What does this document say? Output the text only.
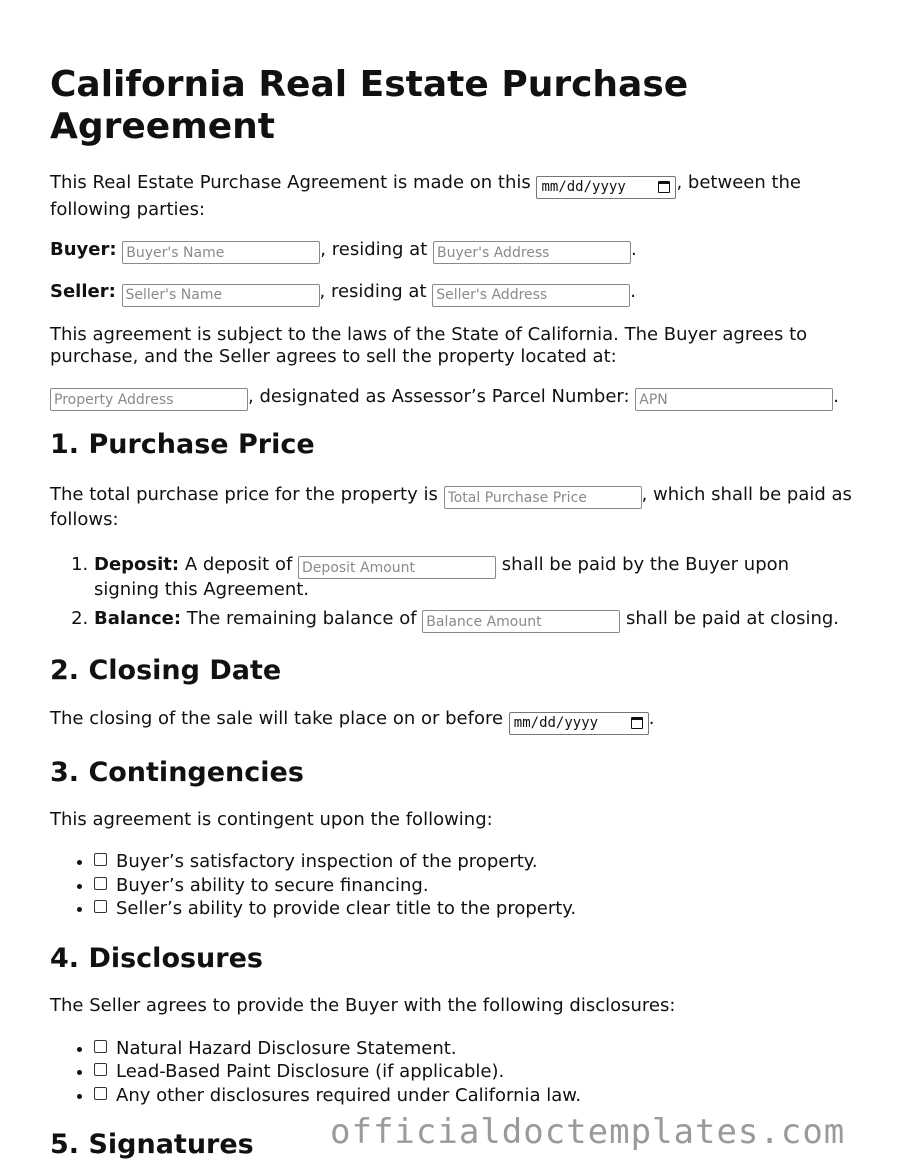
California Real Estate Purchase Agreement

This Real Estate Purchase Agreement is made on this mm/dd/yyyy	, between the following parties:

Buyer: Buyer's Name	, residing at Buyer's Address	.

Seller: Seller's Name	, residing at Seller's Address	.

This agreement is subject to the laws of the State of California. The Buyer agrees to purchase, and the Seller agrees to sell the property located at:

Property Address, designated as Assessor’s Parcel Number: APN	.

1. Purchase Price

The total purchase price for the property is Total Purchase Price	, which shall be paid as follows:

1. Deposit: A deposit of Deposit Amount	shall be paid by the Buyer upon signing this Agreement.
2. Balance: The remaining balance of Balance Amount	shall be paid at closing.
2. Closing Date

The closing of the sale will take place on or before mm/dd/yyyy	.

3. Contingencies

This agreement is contingent upon the following:

• Buyer’s satisfactory inspection of the property.
• Buyer’s ability to secure financing.
• Seller’s ability to provide clear title to the property.
4. Disclosures

The Seller agrees to provide the Buyer with the following disclosures:

• Natural Hazard Disclosure Statement.
• Lead-Based Paint Disclosure (if applicable).
• Any other disclosures required under California law.
5. Signatures	officialdoctemplates.com
